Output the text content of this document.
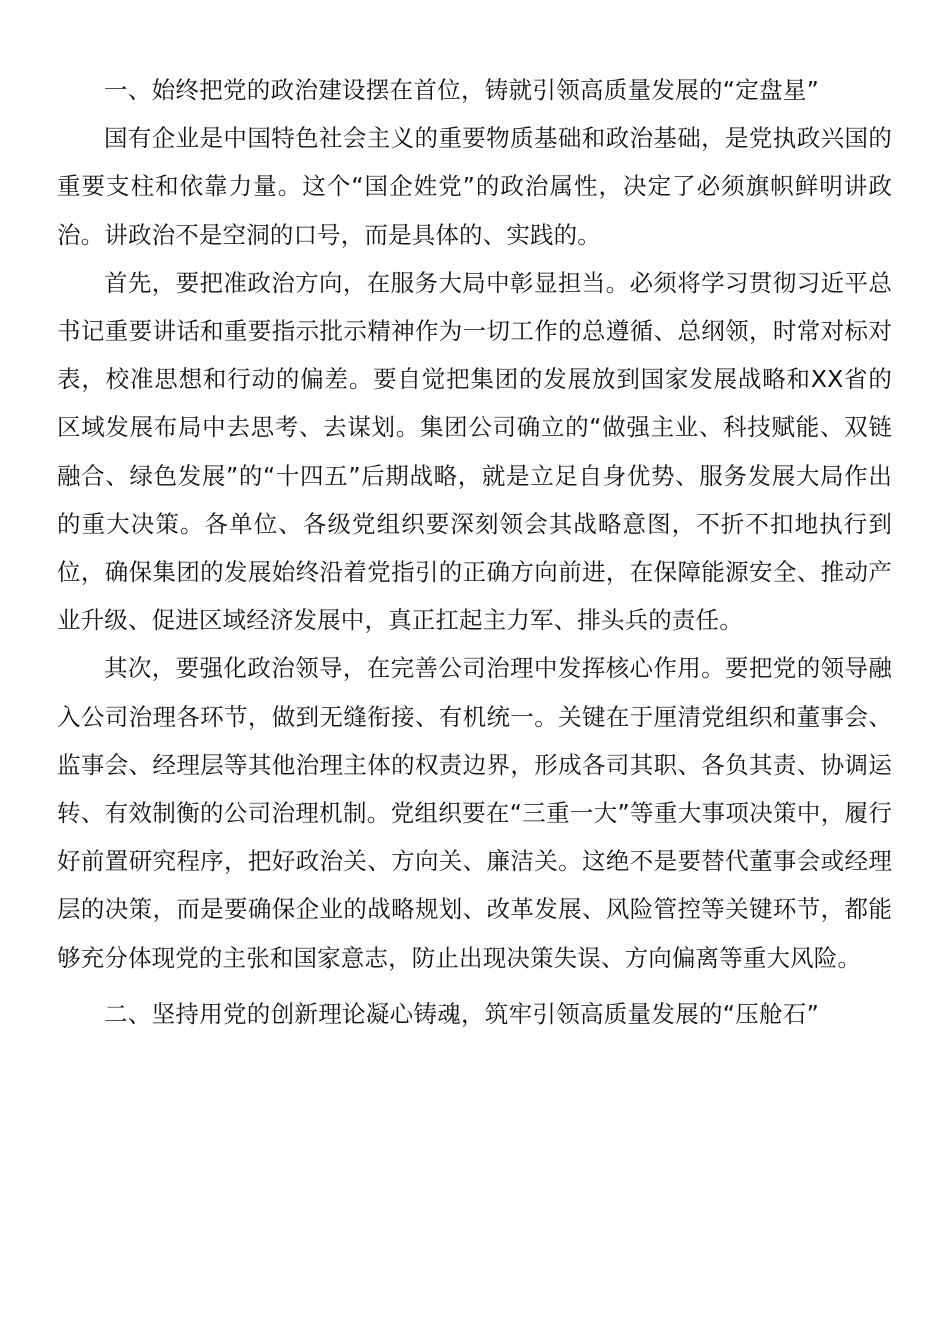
一、始终把党的政治建设摆在首位，铸就引领高质量发展的“定盘星”

国有企业是中国特色社会主义的重要物质基础和政治基础，是党执政兴国的重要支柱和依靠力量。这个“国企姓党”的政治属性，决定了必须旗帜鲜明讲政治。讲政治不是空洞的口号，而是具体的、实践的。

首先，要把准政治方向，在服务大局中彰显担当。必须将学习贯彻习近平总书记重要讲话和重要指示批示精神作为一切工作的总遵循、总纲领，时常对标对表，校准思想和行动的偏差。要自觉把集团的发展放到国家发展战略和XX省的区域发展布局中去思考、去谋划。集团公司确立的“做强主业、科技赋能、双链融合、绿色发展”的“十四五”后期战略，就是立足自身优势、服务发展大局作出的重大决策。各单位、各级党组织要深刻领会其战略意图，不折不扣地执行到位，确保集团的发展始终沿着党指引的正确方向前进，在保障能源安全、推动产业升级、促进区域经济发展中，真正扛起主力军、排头兵的责任。

其次，要强化政治领导，在完善公司治理中发挥核心作用。要把党的领导融入公司治理各环节，做到无缝衔接、有机统一。关键在于厘清党组织和董事会、监事会、经理层等其他治理主体的权责边界，形成各司其职、各负其责、协调运转、有效制衡的公司治理机制。党组织要在“三重一大”等重大事项决策中，履行好前置研究程序，把好政治关、方向关、廉洁关。这绝不是要替代董事会或经理层的决策，而是要确保企业的战略规划、改革发展、风险管控等关键环节，都能够充分体现党的主张和国家意志，防止出现决策失误、方向偏离等重大风险。

二、坚持用党的创新理论凝心铸魂，筑牢引领高质量发展的“压舱石”
